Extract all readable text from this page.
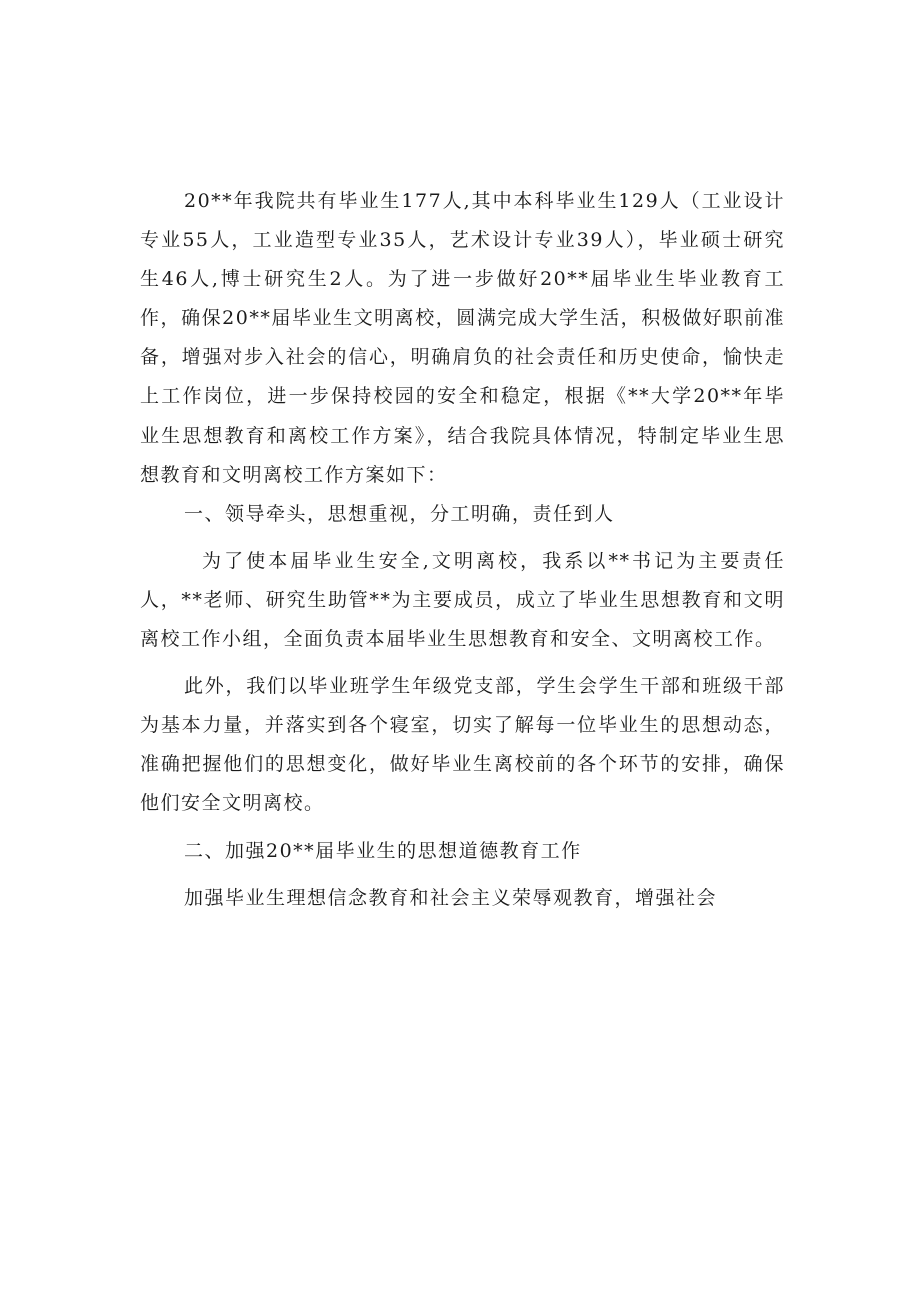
20**年我院共有毕业生177人,其中本科毕业生129人（工业设计专业55人，工业造型专业35人，艺术设计专业39人），毕业硕士研究生46人,博士研究生2人。为了进一步做好20**届毕业生毕业教育工作，确保20**届毕业生文明离校，圆满完成大学生活，积极做好职前准备，增强对步入社会的信心，明确肩负的社会责任和历史使命，愉快走上工作岗位，进一步保持校园的安全和稳定，根据《**大学20**年毕业生思想教育和离校工作方案》，结合我院具体情况，特制定毕业生思想教育和文明离校工作方案如下：

一、领导牵头，思想重视，分工明确，责任到人

为了使本届毕业生安全,文明离校，我系以**书记为主要责任人，**老师、研究生助管**为主要成员，成立了毕业生思想教育和文明离校工作小组，全面负责本届毕业生思想教育和安全、文明离校工作。

此外，我们以毕业班学生年级党支部，学生会学生干部和班级干部为基本力量，并落实到各个寝室，切实了解每一位毕业生的思想动态，准确把握他们的思想变化，做好毕业生离校前的各个环节的安排，确保他们安全文明离校。

二、加强20**届毕业生的思想道德教育工作

加强毕业生理想信念教育和社会主义荣辱观教育，增强社会
